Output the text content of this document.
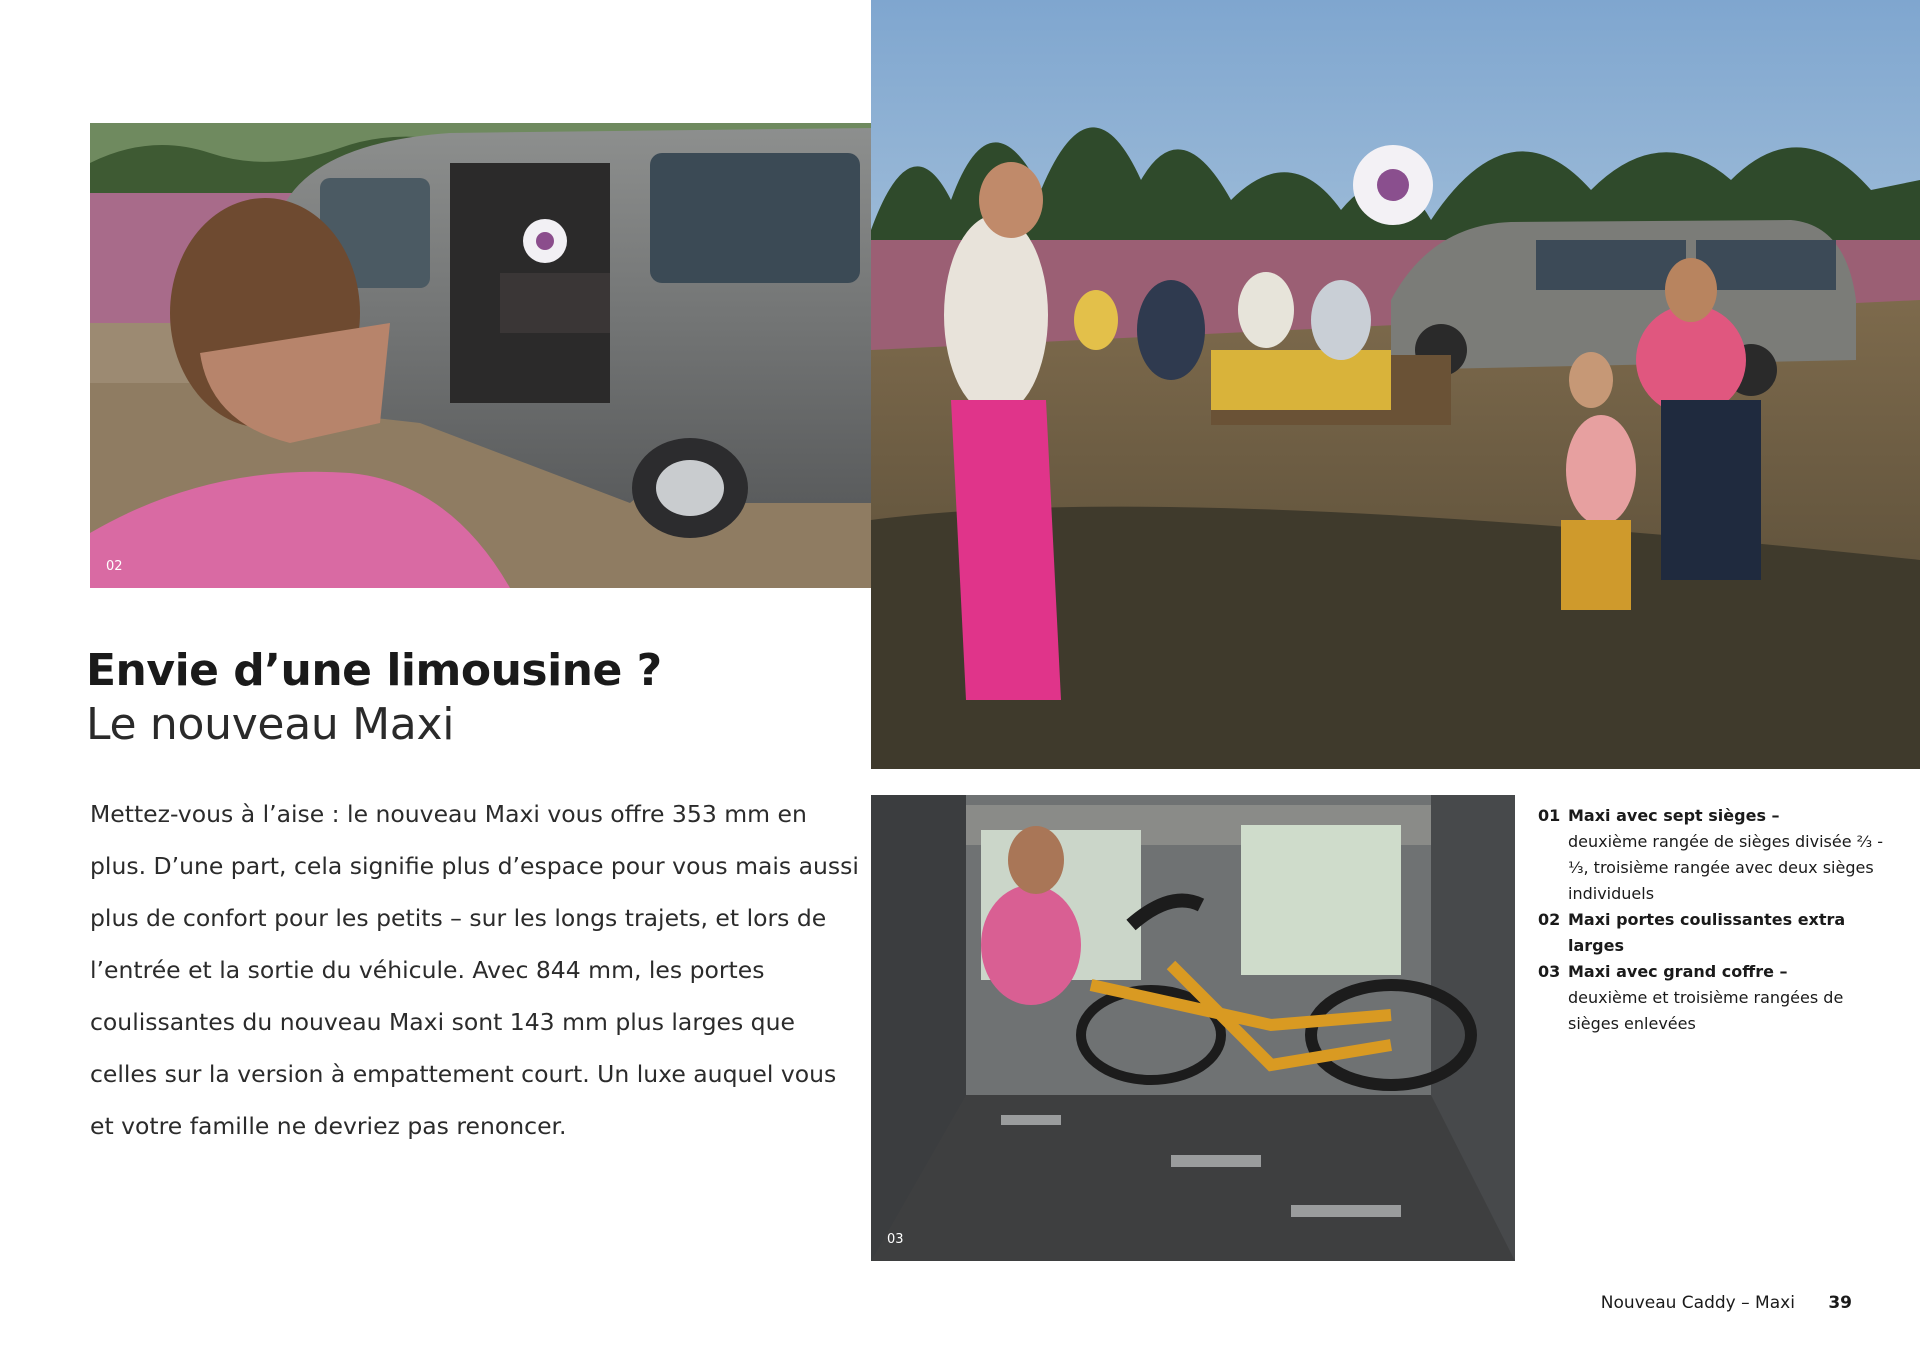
02
03
Envie d’une limousine ?
Le nouveau Maxi

Mettez-vous à l’aise : le nouveau Maxi vous offre 353 mm en plus. D’une part, cela signifie plus d’espace pour vous mais aussi plus de confort pour les petits – sur les longs trajets, et lors de l’entrée et la sortie du véhicule. Avec 844 mm, les portes coulissantes du nouveau Maxi sont 143 mm plus larges que celles sur la version à empattement court. Un luxe auquel vous et votre famille ne devriez pas renoncer.

01 Maxi avec sept sièges –
deuxième rangée de sièges divisée ⅔ - ⅓, troisième rangée avec deux sièges individuels
02 Maxi portes coulissantes extra larges
03 Maxi avec grand coffre –
deuxième et troisième rangées de sièges enlevées
Nouveau Caddy – Maxi 39
